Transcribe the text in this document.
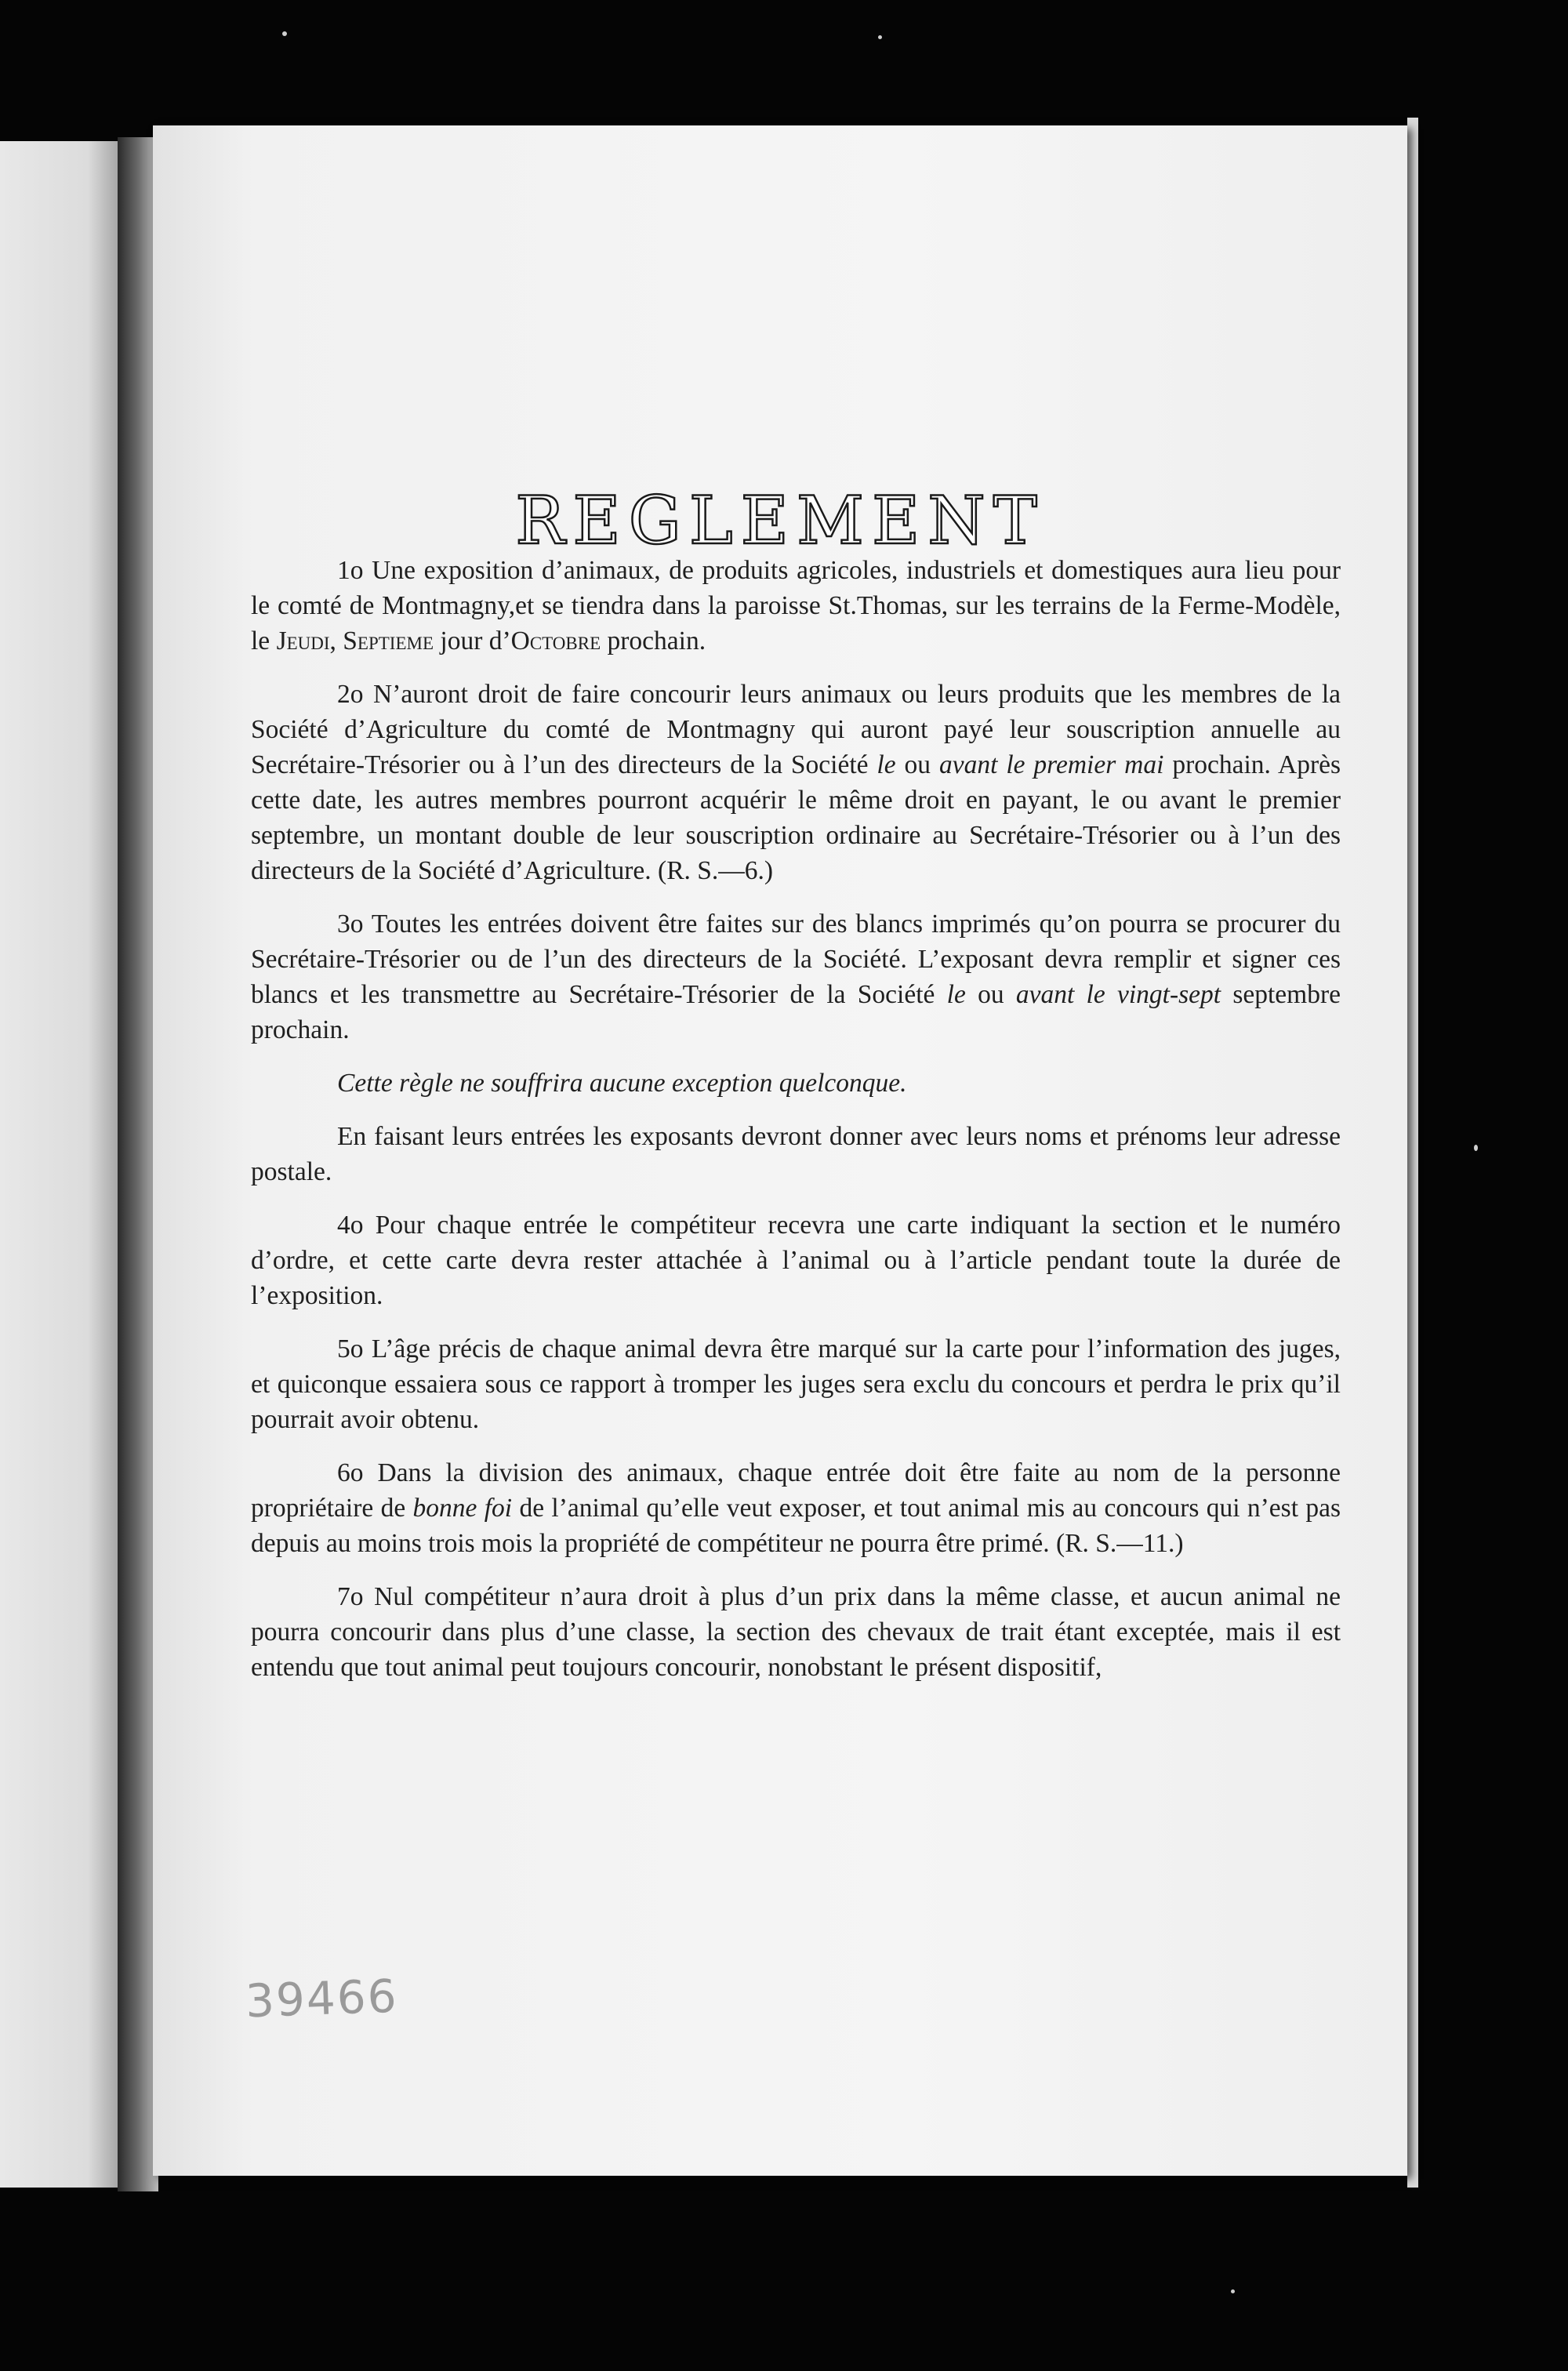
REGLEMENT

1o Une exposition d’animaux, de produits agricoles, industriels et domestiques aura lieu pour le comté de Montmagny,et se tiendra dans la paroisse St.Thomas, sur les terrains de la Ferme-Modèle, le Jeudi, Septieme jour d’Octobre prochain.

2o N’auront droit de faire concourir leurs animaux ou leurs produits que les membres de la Société d’Agriculture du comté de Montmagny qui auront payé leur souscription annuelle au Secrétaire-Trésorier ou à l’un des directeurs de la Société le ou avant le premier mai prochain. Après cette date, les autres membres pourront acquérir le même droit en payant, le ou avant le premier septembre, un montant double de leur souscription ordinaire au Secrétaire-Trésorier ou à l’un des directeurs de la Société d’Agriculture. (R. S.—6.)

3o Toutes les entrées doivent être faites sur des blancs imprimés qu’on pourra se procurer du Secrétaire-Trésorier ou de l’un des directeurs de la Société. L’exposant devra remplir et signer ces blancs et les transmettre au Secrétaire-Trésorier de la Société le ou avant le vingt-sept septembre prochain.

Cette règle ne souffrira aucune exception quelconque.

En faisant leurs entrées les exposants devront donner avec leurs noms et prénoms leur adresse postale.

4o Pour chaque entrée le compétiteur recevra une carte indiquant la section et le numéro d’ordre, et cette carte devra rester attachée à l’animal ou à l’article pendant toute la durée de l’exposition.

5o L’âge précis de chaque animal devra être marqué sur la carte pour l’information des juges, et quiconque essaiera sous ce rapport à tromper les juges sera exclu du concours et perdra le prix qu’il pourrait avoir obtenu.

6o Dans la division des animaux, chaque entrée doit être faite au nom de la personne propriétaire de bonne foi de l’animal qu’elle veut exposer, et tout animal mis au concours qui n’est pas depuis au moins trois mois la propriété de compétiteur ne pourra être primé. (R. S.—11.)

7o Nul compétiteur n’aura droit à plus d’un prix dans la même classe, et aucun animal ne pourra concourir dans plus d’une classe, la section des chevaux de trait étant exceptée, mais il est entendu que tout animal peut toujours concourir, nonobstant le présent dispositif,

39466
